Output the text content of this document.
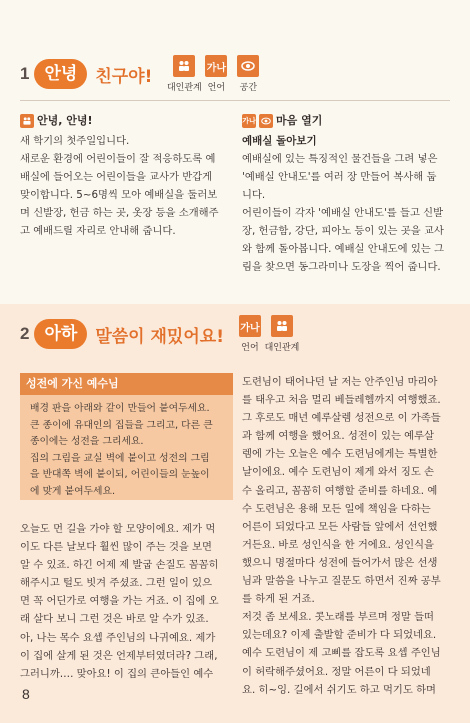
1 안녕	친구야!
대인관계
가나
언어 공간
안녕, 안녕!
새 학기의 첫주일입니다.
새로운 환경에 어린이들이 잘 적응하도록 예
배실에 들어오는 어린이들을 교사가 반갑게
맞이합니다. 5~6명씩 모아 예배실을 둘러보
며 신발장, 헌금 하는 곳, 옷장 등을 소개해주
고 예배드릴 자리로 안내해 줍니다.
가나 마음 열기
예배실 돌아보기
예배실에 있는 특징적인 물건들을 그려 넣은
'예배실 안내도'를 여러 장 만들어 복사해 둡
니다.
어린이들이 각자 '예배실 안내도'를 들고 신발
장, 헌금함, 강단, 피아노 등이 있는 곳을 교사
와 함께 돌아봅니다. 예배실 안내도에 있는 그
림을 찾으면 동그라미나 도장을 찍어 줍니다.
2 아하	말씀이 재밌어요! 가나
언어 대인관계
성전에 가신 예수님
배경 판을 아래와 같이 만들어 붙여두세요.
큰 종이에 유대인의 집들을 그리고, 다른 큰
종이에는 성전을 그리세요.
집의 그림을 교실 벽에 붙이고 성전의 그림
을 반대쪽 벽에 붙이되, 어린이들의 눈높이
에 맞게 붙여두세요.
오늘도 먼 길을 가야 할 모양이에요. 제가 먹
이도 다른 날보다 훨씬 많이 주는 것을 보면
알 수 있죠. 하긴 어제 제 발굽 손질도 꼼꼼히
해주시고 털도 빗겨 주셨죠. 그런 일이 있으
면 꼭 어딘가로 여행을 가는 거죠. 이 집에 오
래 살다 보니 그런 것은 바로 알 수가 있죠.
아, 나는 목수 요셉 주인님의 나귀예요. 제가
이 집에 살게 된 것은 언제부터였더라? 그래,
그러니까…. 맞아요! 이 집의 큰아들인 예수
도련님이 태어나던 날 저는 안주인님 마리아
를 태우고 처음 멀리 베들레헴까지 여행했죠.
그 후로도 매년 예루살렘 성전으로 이 가족들
과 함께 여행을 했어요. 성전이 있는 예루살
렘에 가는 오늘은 예수 도련님에게는 특별한
날이에요. 예수 도련님이 제게 와서 징도 손
수 올리고, 꼼꼼히 여행할 준비를 하네요. 예
수 도련님은 용해 모든 일에 책임을 다하는
어른이 되었다고 모든 사람들 앞에서 선언했
거든요. 바로 성인식을 한 거에요. 성인식을
했으니 명절마다 성전에 들어가서 많은 선생
님과 말씀을 나누고 질문도 하면서 진짜 공부
를 하게 된 거죠.
저것 좀 보세요. 콧노래를 부르며 정말 들떠
있는데요? 이제 출발할 준비가 다 되었네요.
예수 도련님이 제 고삐를 잡도록 요셉 주인님
이 허락해주셨어요. 정말 어른이 다 되었네
요. 히~잉. 길에서 쉬기도 하고 먹기도 하며
8
